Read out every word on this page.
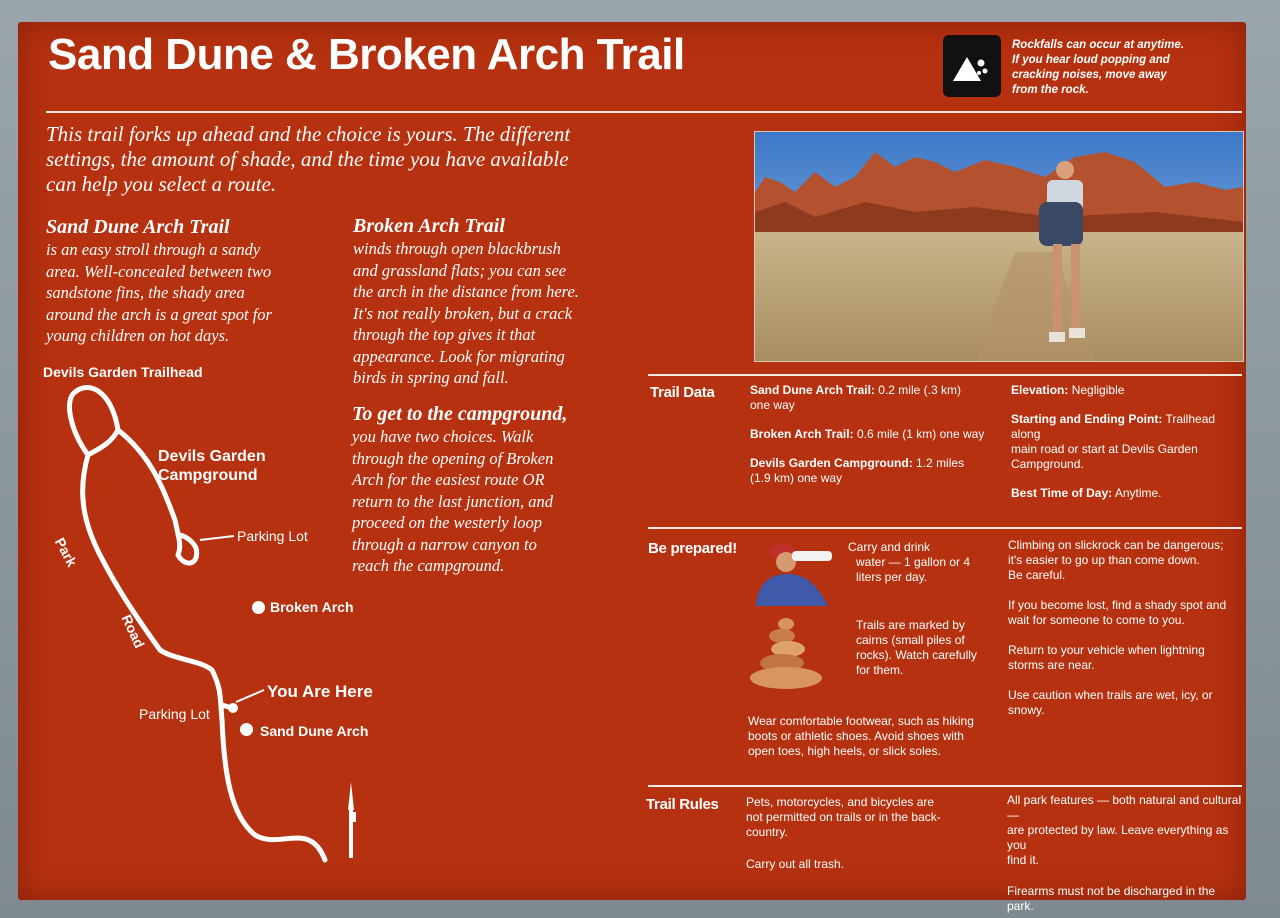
Sand Dune & Broken Arch Trail	Rockfalls can occur at anytime.
If you hear loud popping and
cracking noises, move away
from the rock.
This trail forks up ahead and the choice is yours. The different
settings, the amount of shade, and the time you have available
can help you select a route.
Sand Dune Arch Trail
is an easy stroll through a sandy
area. Well-concealed between two
sandstone fins, the shady area
around the arch is a great spot for
young children on hot days.
Broken Arch Trail
winds through open blackbrush
and grassland flats; you can see
the arch in the distance from here.
It's not really broken, but a crack
through the top gives it that
appearance. Look for migrating
birds in spring and fall.
To get to the campground,
you have two choices. Walk
through the opening of Broken
Arch for the easiest route OR
return to the last junction, and
proceed on the westerly loop
through a narrow canyon to
reach the campground.
Devils Garden Trailhead
Devils Garden
Campground
Parking Lot
Park
Road
Broken Arch
You Are Here
Parking Lot
Sand Dune Arch
Trail Data	Sand Dune Arch Trail: 0.2 mile (.3 km)
one way
Broken Arch Trail: 0.6 mile (1 km) one way
Devils Garden Campground: 1.2 miles
(1.9 km) one way
Elevation: Negligible
Starting and Ending Point: Trailhead along
main road or start at Devils Garden
Campground.
Best Time of Day: Anytime.
Be prepared!	Carry and drink
water — 1 gallon or 4
liters per day.
Trails are marked by
cairns (small piles of
rocks). Watch carefully
for them.
Wear comfortable footwear, such as hiking
boots or athletic shoes. Avoid shoes with
open toes, high heels, or slick soles.
Climbing on slickrock can be dangerous;
it's easier to go up than come down.
Be careful.
If you become lost, find a shady spot and
wait for someone to come to you.
Return to your vehicle when lightning
storms are near.
Use caution when trails are wet, icy, or
snowy.
Trail Rules	Pets, motorcycles, and bicycles are
not permitted on trails or in the back-
country.
Carry out all trash.
All park features — both natural and cultural —
are protected by law. Leave everything as you
find it.
Firearms must not be discharged in the park.
